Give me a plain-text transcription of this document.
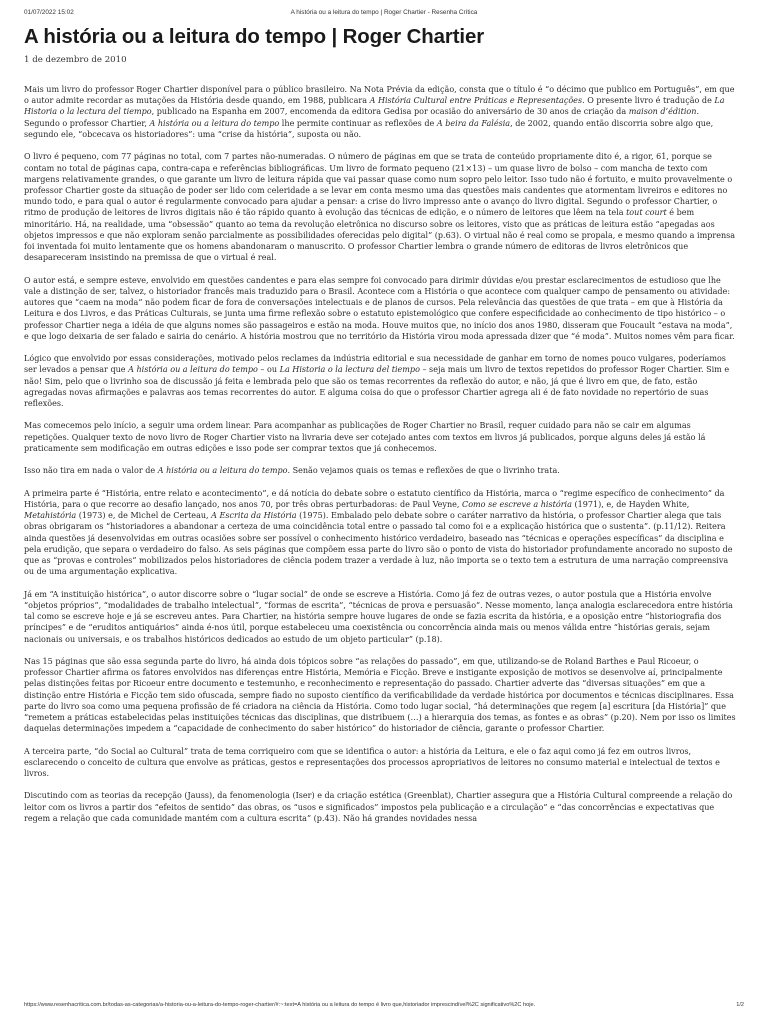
01/07/2022 15:02	A história ou a leitura do tempo | Roger Chartier - Resenha Crítica
A história ou a leitura do tempo | Roger Chartier
1 de dezembro de 2010

Mais um livro do professor Roger Chartier disponível para o público brasileiro. Na Nota Prévia da edição, consta que o título é “o décimo que publico em Português”, em que o autor admite recordar as mutações da História desde quando, em 1988, publicara A História Cultural entre Práticas e Representações. O presente livro é tradução de La Historia o la lectura del tiempo, publicado na Espanha em 2007, encomenda da editora Gedisa por ocasião do aniversário de 30 anos de criação da maison d’édition. Segundo o professor Chartier, A história ou a leitura do tempo lhe permite continuar as reflexões de A beira da Falésia, de 2002, quando então discorria sobre algo que, segundo ele, “obcecava os historiadores”: uma “crise da história”, suposta ou não.

O livro é pequeno, com 77 páginas no total, com 7 partes não-numeradas. O número de páginas em que se trata de conteúdo propriamente dito é, a rigor, 61, porque se contam no total de páginas capa, contra-capa e referências bibliográficas. Um livro de formato pequeno (21×13) – um quase livro de bolso – com mancha de texto com margens relativamente grandes, o que garante um livro de leitura rápida que vai passar quase como num sopro pelo leitor. Isso tudo não é fortuito, e muito provavelmente o professor Chartier goste da situação de poder ser lido com celeridade a se levar em conta mesmo uma das questões mais candentes que atormentam livreiros e editores no mundo todo, e para qual o autor é regularmente convocado para ajudar a pensar: a crise do livro impresso ante o avanço do livro digital. Segundo o professor Chartier, o ritmo de produção de leitores de livros digitais não é tão rápido quanto à evolução das técnicas de edição, e o número de leitores que lêem na tela tout court é bem minoritário. Há, na realidade, uma “obsessão” quanto ao tema da revolução eletrônica no discurso sobre os leitores, visto que as práticas de leitura estão “apegadas aos objetos impressos e que não exploram senão parcialmente as possibilidades oferecidas pelo digital” (p.63). O virtual não é real como se propala, e mesmo quando a imprensa foi inventada foi muito lentamente que os homens abandonaram o manuscrito. O professor Chartier lembra o grande número de editoras de livros eletrônicos que desapareceram insistindo na premissa de que o virtual é real.

O autor está, e sempre esteve, envolvido em questões candentes e para elas sempre foi convocado para dirimir dúvidas e/ou prestar esclarecimentos de estudioso que lhe vale a distinção de ser, talvez, o historiador francês mais traduzido para o Brasil. Acontece com a História o que acontece com qualquer campo de pensamento ou atividade: autores que “caem na moda” não podem ficar de fora de conversações intelectuais e de planos de cursos. Pela relevância das questões de que trata – em que à História da Leitura e dos Livros, e das Práticas Culturais, se junta uma firme reflexão sobre o estatuto epistemológico que confere especificidade ao conhecimento de tipo histórico – o professor Chartier nega a idéia de que alguns nomes são passageiros e estão na moda. Houve muitos que, no início dos anos 1980, disseram que Foucault “estava na moda”, e que logo deixaria de ser falado e sairia do cenário. A história mostrou que no território da História virou moda apressada dizer que “é moda”. Muitos nomes vêm para ficar.

Lógico que envolvido por essas considerações, motivado pelos reclames da indústria editorial e sua necessidade de ganhar em torno de nomes pouco vulgares, poderíamos ser levados a pensar que A história ou a leitura do tempo – ou La Historia o la lectura del tiempo – seja mais um livro de textos repetidos do professor Roger Chartier. Sim e não! Sim, pelo que o livrinho soa de discussão já feita e lembrada pelo que são os temas recorrentes da reflexão do autor, e não, já que é livro em que, de fato, estão agregadas novas afirmações e palavras aos temas recorrentes do autor. E alguma coisa do que o professor Chartier agrega ali é de fato novidade no repertório de suas reflexões.

Mas comecemos pelo início, a seguir uma ordem linear. Para acompanhar as publicações de Roger Chartier no Brasil, requer cuidado para não se cair em algumas repetições. Qualquer texto de novo livro de Roger Chartier visto na livraria deve ser cotejado antes com textos em livros já publicados, porque alguns deles já estão lá praticamente sem modificação em outras edições e isso pode ser comprar textos que já conhecemos.

Isso não tira em nada o valor de A história ou a leitura do tempo. Senão vejamos quais os temas e reflexões de que o livrinho trata.

A primeira parte é “História, entre relato e acontecimento”, e dá notícia do debate sobre o estatuto científico da História, marca o “regime específico de conhecimento” da História, para o que recorre ao desafio lançado, nos anos 70, por três obras perturbadoras: de Paul Veyne, Como se escreve a história (1971), e, de Hayden White, Metahistória (1973) e, de Michel de Certeau, A Escrita da História (1975). Embalado pelo debate sobre o caráter narrativo da história, o professor Chartier alega que tais obras obrigaram os “historiadores a abandonar a certeza de uma coincidência total entre o passado tal como foi e a explicação histórica que o sustenta”. (p.11/12). Reitera ainda questões já desenvolvidas em outras ocasiões sobre ser possível o conhecimento histórico verdadeiro, baseado nas “técnicas e operações específicas” da disciplina e pela erudição, que separa o verdadeiro do falso. As seis páginas que compõem essa parte do livro são o ponto de vista do historiador profundamente ancorado no suposto de que as “provas e controles” mobilizados pelos historiadores de ciência podem trazer a verdade à luz, não importa se o texto tem a estrutura de uma narração compreensiva ou de uma argumentação explicativa.

Já em “A instituição histórica”, o autor discorre sobre o “lugar social” de onde se escreve a História. Como já fez de outras vezes, o autor postula que a História envolve “objetos próprios”, “modalidades de trabalho intelectual”, “formas de escrita”, “técnicas de prova e persuasão”. Nesse momento, lança analogia esclarecedora entre história tal como se escreve hoje e já se escreveu antes. Para Chartier, na história sempre houve lugares de onde se fazia escrita da história, e a oposição entre “historiografia dos príncipes” e de “eruditos antiquários” ainda é-nos útil, porque estabeleceu uma coexistência ou concorrência ainda mais ou menos válida entre “histórias gerais, sejam nacionais ou universais, e os trabalhos históricos dedicados ao estudo de um objeto particular” (p.18).

Nas 15 páginas que são essa segunda parte do livro, há ainda dois tópicos sobre “as relações do passado”, em que, utilizando-se de Roland Barthes e Paul Ricoeur, o professor Chartier afirma os fatores envolvidos nas diferenças entre História, Memória e Ficção. Breve e instigante exposição de motivos se desenvolve aí, principalmente pelas distinções feitas por Ricoeur entre documento e testemunho, e reconhecimento e representação do passado. Chartier adverte das “diversas situações” em que a distinção entre História e Ficção tem sido ofuscada, sempre fiado no suposto científico da verificabilidade da verdade histórica por documentos e técnicas disciplinares. Essa parte do livro soa como uma pequena profissão de fé criadora na ciência da História. Como todo lugar social, “há determinações que regem [a] escritura [da História]” que “remetem a práticas estabelecidas pelas instituições técnicas das disciplinas, que distribuem (…) a hierarquia dos temas, as fontes e as obras” (p.20). Nem por isso os limites daquelas determinações impedem a “capacidade de conhecimento do saber histórico” do historiador de ciência, garante o professor Chartier.

A terceira parte, “do Social ao Cultural” trata de tema corriqueiro com que se identifica o autor: a história da Leitura, e ele o faz aqui como já fez em outros livros, esclarecendo o conceito de cultura que envolve as práticas, gestos e representações dos processos apropriativos de leitores no consumo material e intelectual de textos e livros.

Discutindo com as teorias da recepção (Jauss), da fenomenologia (Iser) e da criação estética (Greenblat), Chartier assegura que a História Cultural compreende a relação do leitor com os livros a partir dos “efeitos de sentido” das obras, os “usos e significados” impostos pela publicação e a circulação” e “das concorrências e expectativas que regem a relação que cada comunidade mantém com a cultura escrita” (p.43). Não há grandes novidades nessa

https://www.resenhacritica.com.br/todas-as-categorias/a-historia-ou-a-leitura-do-tempo-roger-chartier/#:~:text=A história ou a leitura do tempo é livro que,historiador imprescindível%2C significativo%2C hoje.	1/2
